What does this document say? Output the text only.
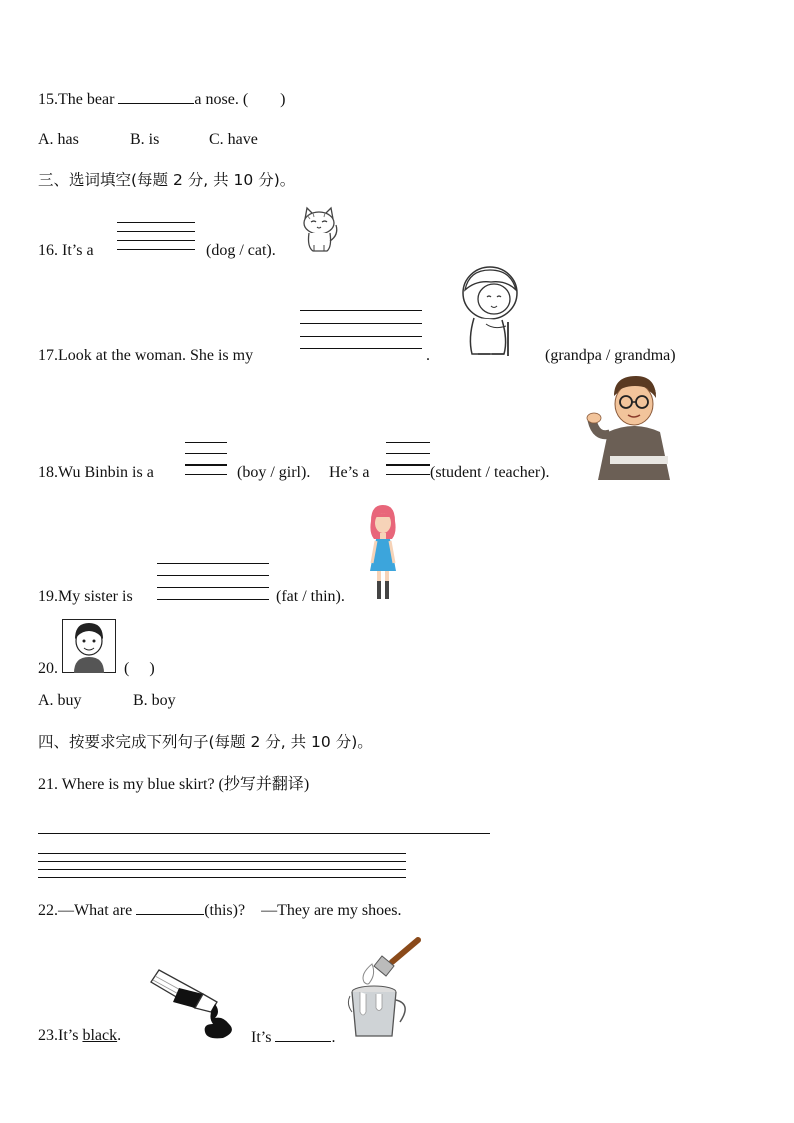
15.The bear	a nose. ( )
A. has	B. is	C. have
三、选词填空(每题 2 分, 共 10 分)。
16. It’s a	(dog / cat).
17.Look at the woman. She is my	.	(grandpa / grandma)
18.Wu Binbin is a	(boy / girl). He’s a	(student / teacher).
19.My sister is	(fat / thin).
20.	(     )
A. buy	B. boy
四、按要求完成下列句子(每题 2 分, 共 10 分)。
21. Where is my blue skirt? (抄写并翻译)
22.—What are	(this)? —They are my shoes.
23.It’s black.	It’s	.
